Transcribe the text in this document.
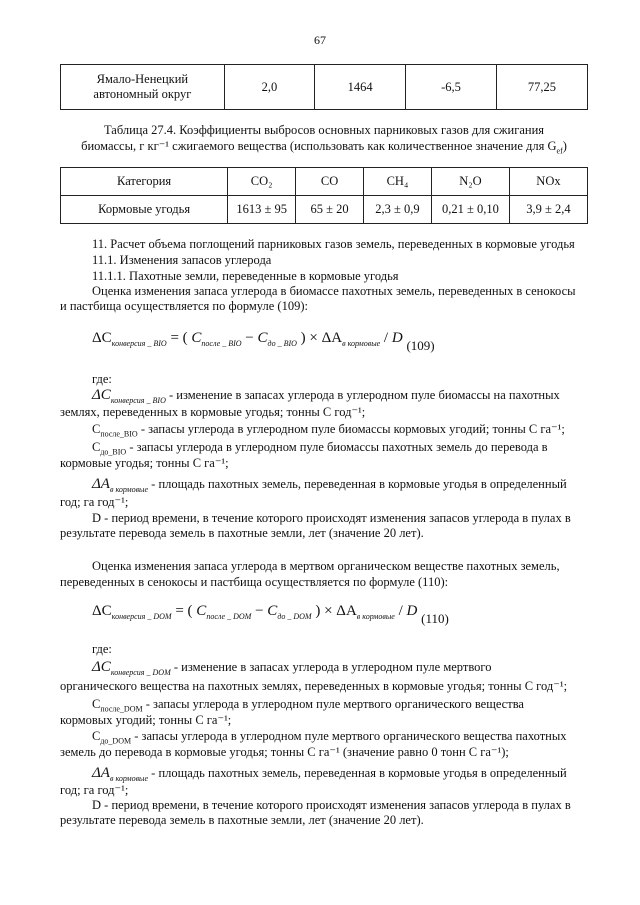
67
Ямало-Ненецкий автономный округ	2,0	1464	-6,5	77,25
Таблица 27.4. Коэффициенты выбросов основных парниковых газов для сжигания
биомассы, г кг⁻¹ сжигаемого вещества (использовать как количественное значение для $G_{ef}$)
Категория	CO₂	CO	CH₄	N₂O	NOx
Кормовые угодья	1613 ± 95	65 ± 20	2,3 ± 0,9	0,21 ± 0,10	3,9 ± 2,4
11. Расчет объема поглощений парниковых газов земель, переведенных в кормовые угодья
11.1. Изменения запасов углерода
11.1.1. Пахотные земли, переведенные в кормовые угодья
Оценка изменения запаса углерода в биомассе пахотных земель, переведенных в сенокосы
и пастбища осуществляется по формуле (109):
$\Delta C_{конверсия \_ BIO}$ = ( $C_{после \_ BIO} - C_{до \_ BIO}$ ) × $\Delta A_{в кормовые}$ / D (109)
где:
$\Delta C_{конверсия \_ BIO}$ - изменение в запасах углерода в углеродном пуле биомассы на пахотных
землях, переведенных в кормовые угодья; тонны С год⁻¹;
$С_{после\_BIO}$ - запасы углерода в углеродном пуле биомассы кормовых угодий; тонны С га⁻¹;
$С_{до\_BIO}$ - запасы углерода в углеродном пуле биомассы пахотных земель до перевода в
кормовые угодья; тонны С га⁻¹;
$\Delta A_{в кормовые}$ - площадь пахотных земель, переведенная в кормовые угодья в определенный
год; га год⁻¹;
D - период времени, в течение которого происходят изменения запасов углерода в пулах в
результате перевода земель в пахотные земли, лет (значение 20 лет).
Оценка изменения запаса углерода в мертвом органическом веществе пахотных земель,
переведенных в сенокосы и пастбища осуществляется по формуле (110):
$\Delta C_{конверсия \_ DOM}$ = ( $C_{после \_ DOM} - C_{до \_ DOM}$ ) × $\Delta A_{в кормовые}$ / D (110)
где:
$\Delta C_{конверсия \_ DOM}$ - изменение в запасах углерода в углеродном пуле мертвого
органического вещества на пахотных землях, переведенных в кормовые угодья; тонны С год⁻¹;
$С_{после\_DOM}$ - запасы углерода в углеродном пуле мертвого органического вещества
кормовых угодий; тонны С га⁻¹;
$С_{до\_DOM}$ - запасы углерода в углеродном пуле мертвого органического вещества пахотных
земель до перевода в кормовые угодья; тонны С га⁻¹ (значение равно 0 тонн С га⁻¹);
$\Delta A_{в кормовые}$ - площадь пахотных земель, переведенная в кормовые угодья в определенный
год; га год⁻¹;
D - период времени, в течение которого происходят изменения запасов углерода в пулах в
результате перевода земель в пахотные земли, лет (значение 20 лет).
